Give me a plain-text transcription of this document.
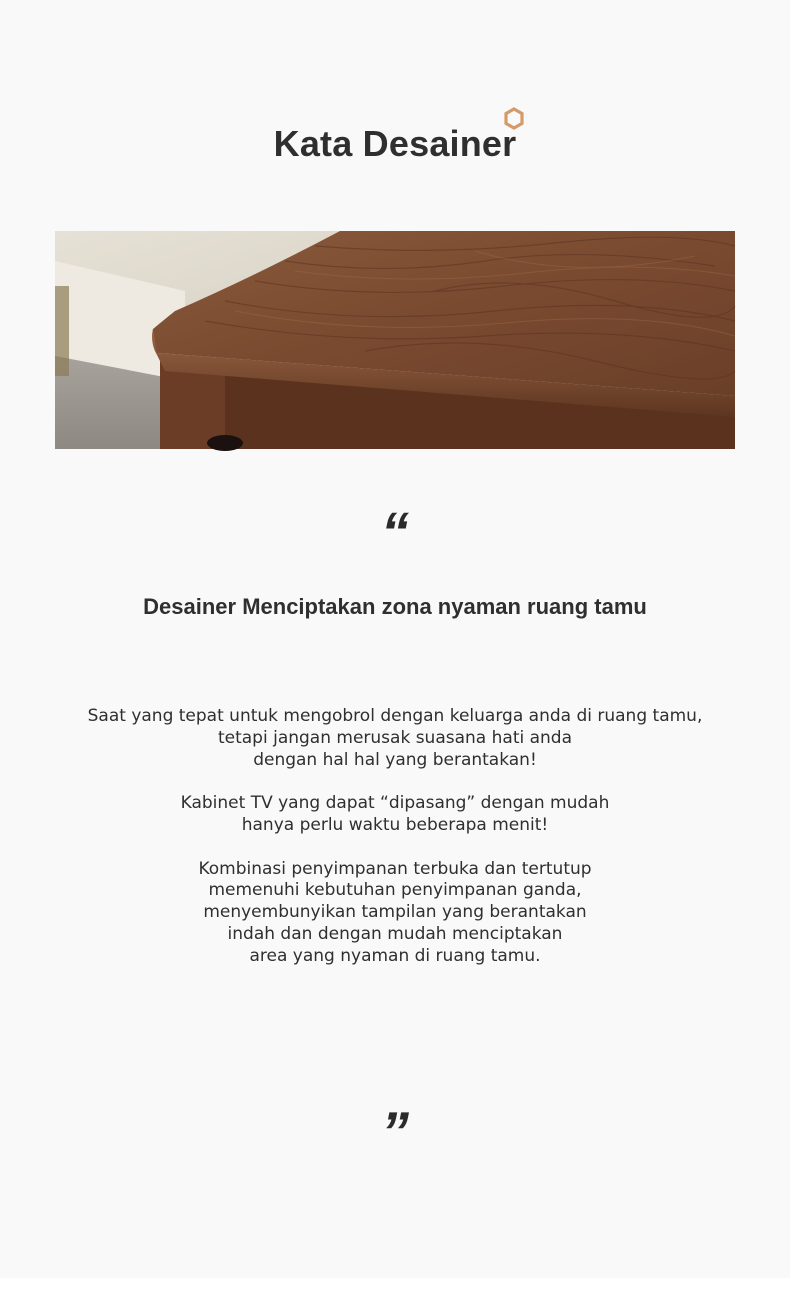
Kata Desainer
“
Desainer Menciptakan zona nyaman ruang tamu

Saat yang tepat untuk mengobrol dengan keluarga anda di ruang tamu,
tetapi jangan merusak suasana hati anda
dengan hal hal yang berantakan!

Kabinet TV yang dapat “dipasang” dengan mudah
hanya perlu waktu beberapa menit!

Kombinasi penyimpanan terbuka dan tertutup
memenuhi kebutuhan penyimpanan ganda,
menyembunyikan tampilan yang berantakan
indah dan dengan mudah menciptakan
area yang nyaman di ruang tamu.

”
